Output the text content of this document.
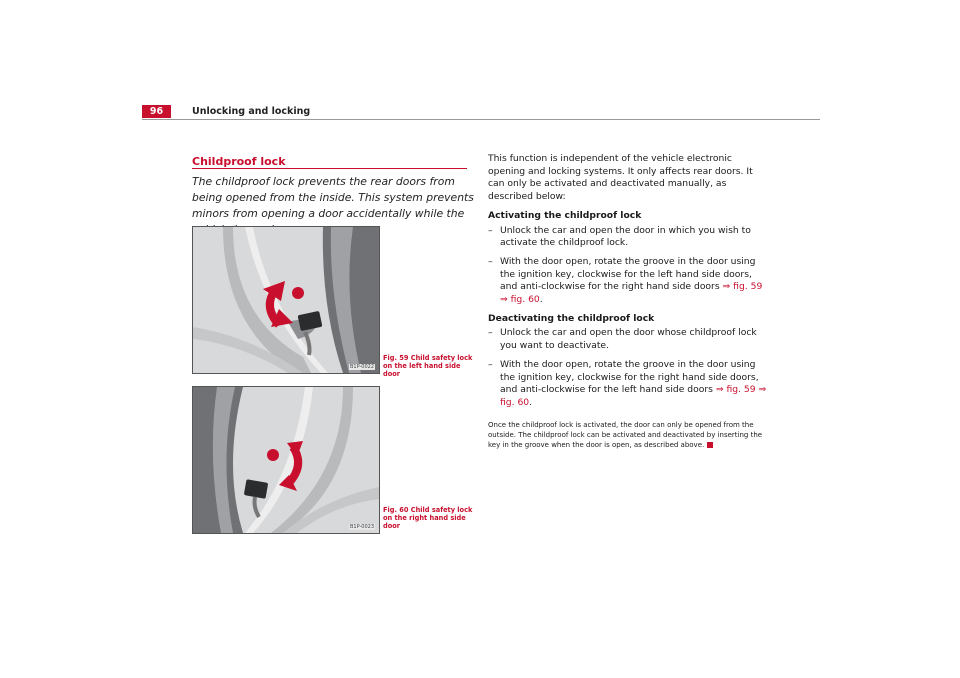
96	Unlocking and locking
Childproof lock
The childproof lock prevents the rear doors from being opened from the inside. This system prevents minors from opening a door accidentally while the
B1P-0022
Fig. 59 Child safety lock on the left hand side door
B1P-0023
Fig. 60 Child safety lock on the right hand side door

This function is independent of the vehicle electronic opening and locking systems. It only affects rear doors. It can only be activated and deactivated manually, as described below:

Activating the childproof lock
– Unlock the car and open the door in which you wish to activate the childproof lock.
– With the door open, rotate the groove in the door using the ignition key, clockwise for the left hand side doors, and anti-clockwise for the right hand side doors ⇒ fig. 59 ⇒ fig. 60.
Deactivating the childproof lock
– Unlock the car and open the door whose childproof lock you want to deactivate.
– With the door open, rotate the groove in the door using the ignition key, clockwise for the right hand side doors, and anti-clockwise for the left hand side doors ⇒ fig. 59 ⇒ fig. 60.
Once the childproof lock is activated, the door can only be opened from the outside. The childproof lock can be activated and deactivated by inserting the key in the groove when the door is open, as described above.
